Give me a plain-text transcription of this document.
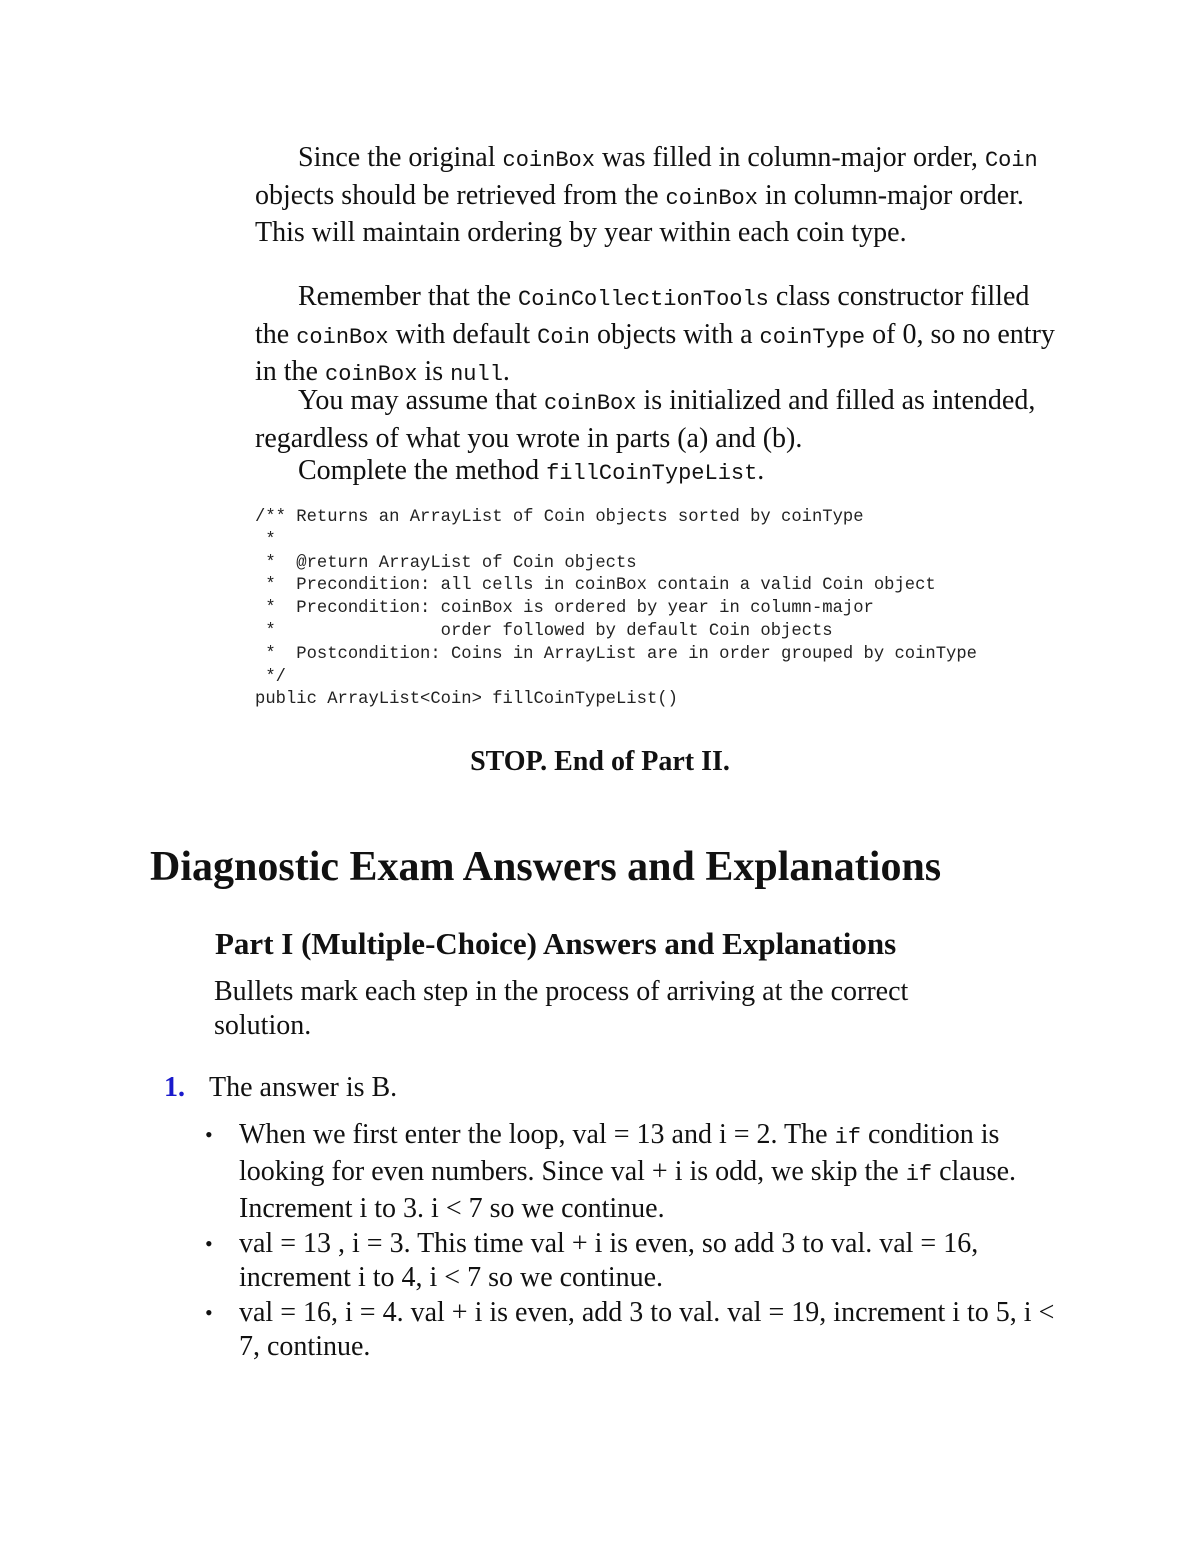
Since the original coinBox was filled in column-major order, Coin objects should be retrieved from the coinBox in column-major order. This will maintain ordering by year within each coin type.

Remember that the CoinCollectionTools class constructor filled the coinBox with default Coin objects with a coinType of 0, so no entry in the coinBox is null.

You may assume that coinBox is initialized and filled as intended, regardless of what you wrote in parts (a) and (b).

Complete the method fillCoinTypeList.

/** Returns an ArrayList of Coin objects sorted by coinType
*
*  @return ArrayList of Coin objects
*  Precondition: all cells in coinBox contain a valid Coin object
*  Precondition: coinBox is ordered by year in column-major
*                order followed by default Coin objects
*  Postcondition: Coins in ArrayList are in order grouped by coinType
*/
public ArrayList<Coin> fillCoinTypeList()

STOP. End of Part II.

Diagnostic Exam Answers and Explanations
Part I (Multiple-Choice) Answers and Explanations

Bullets mark each step in the process of arriving at the correct solution.

1. The answer is B.

• When we first enter the loop, val = 13 and i = 2. The if condition is looking for even numbers. Since val + i is odd, we skip the if clause. Increment i to 3. i < 7 so we continue.
• val = 13 , i = 3. This time val + i is even, so add 3 to val. val = 16, increment i to 4, i < 7 so we continue.
• val = 16, i = 4. val + i is even, add 3 to val. val = 19, increment i to 5, i < 7, continue.
